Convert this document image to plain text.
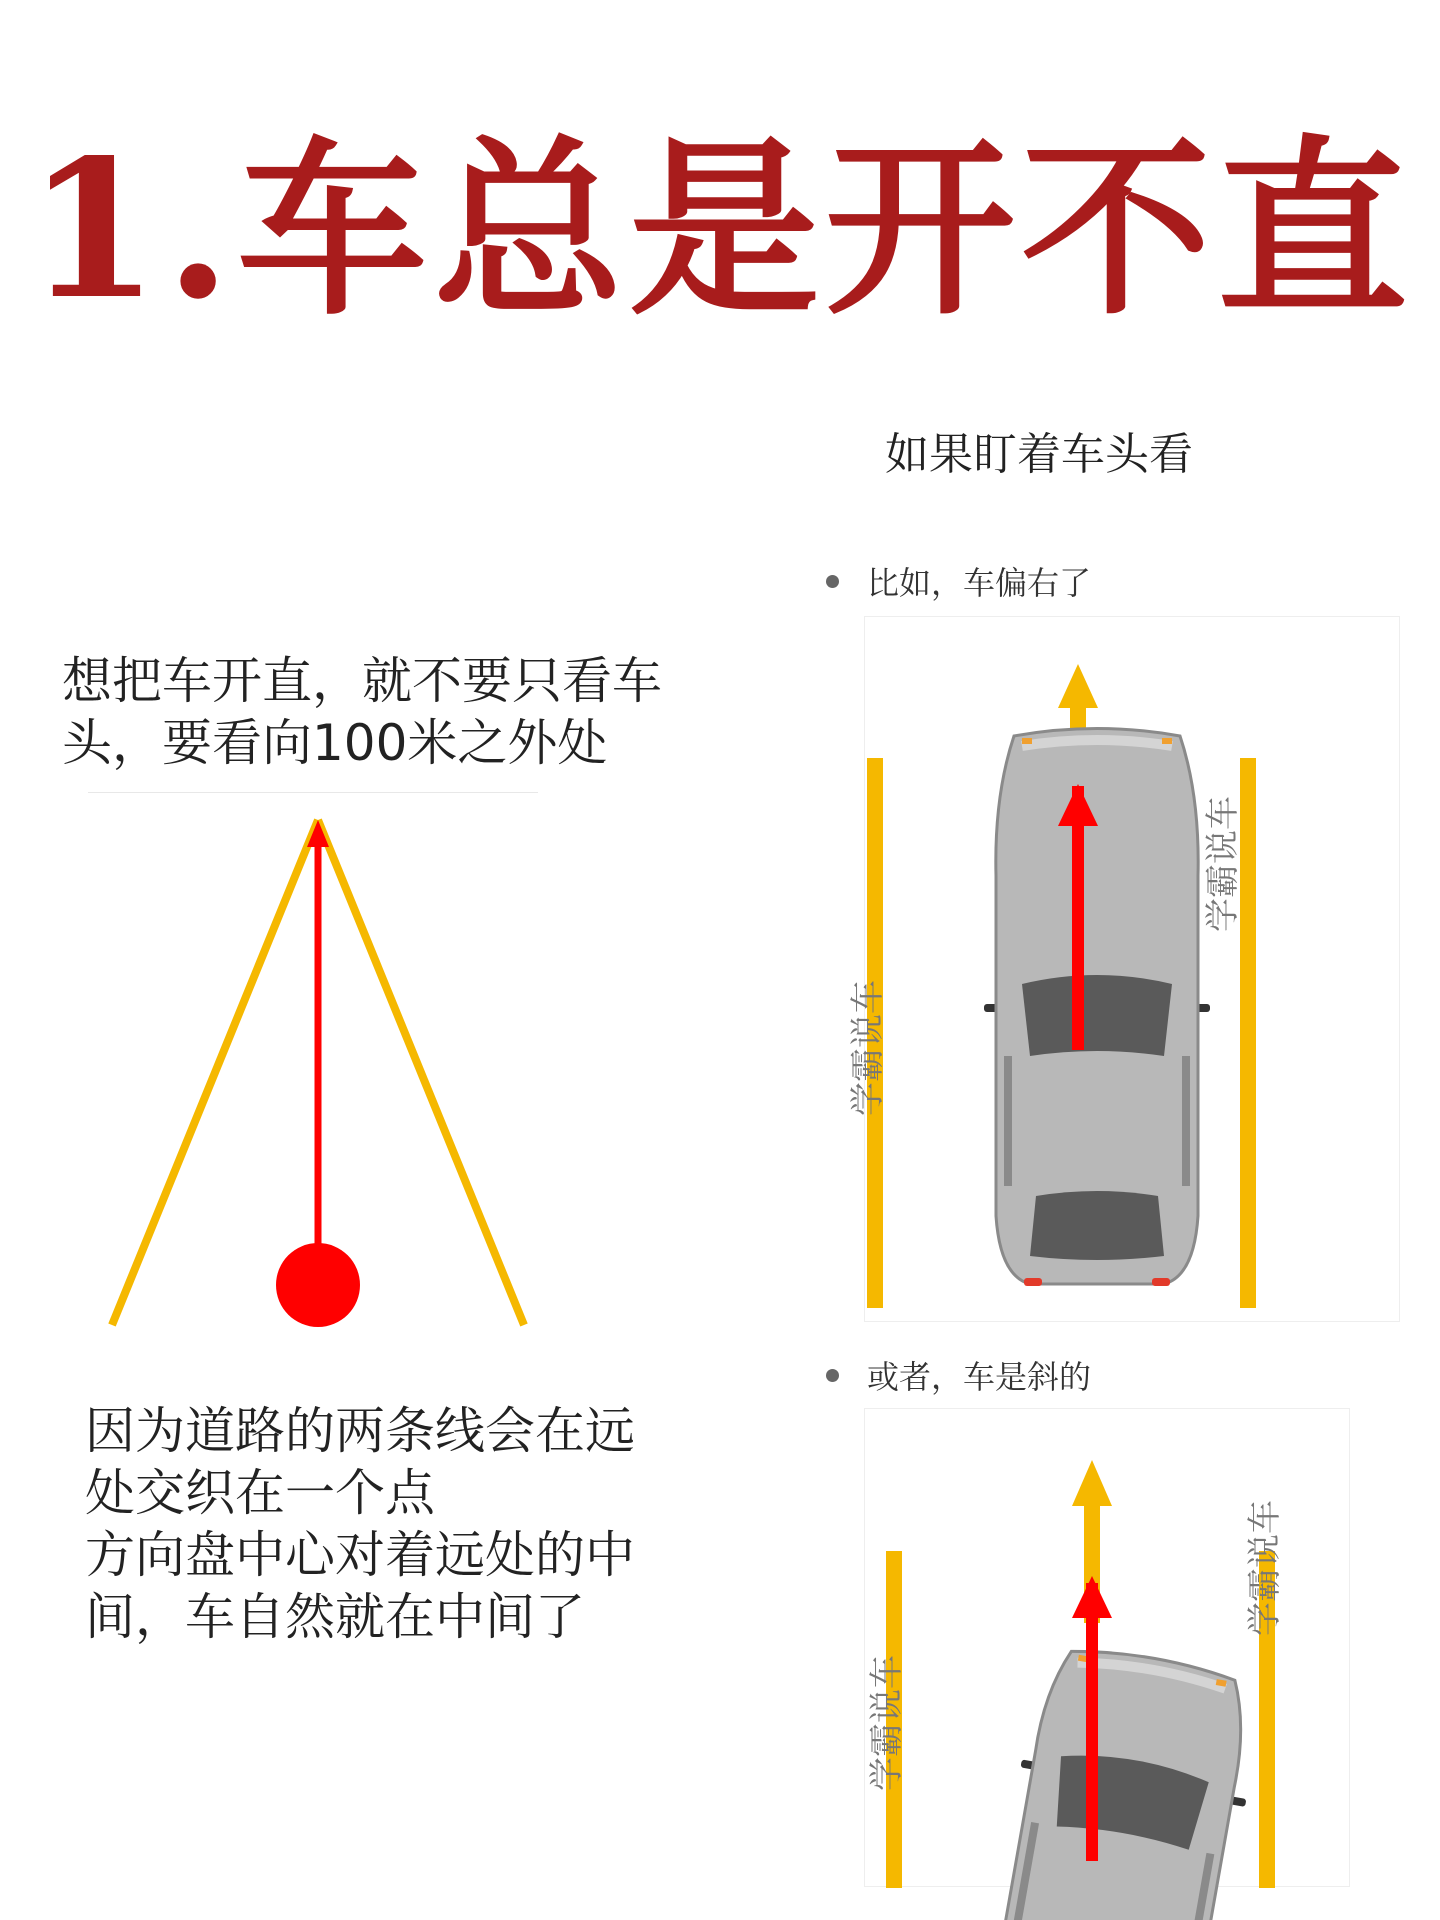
1.车总是开不直
想把车开直，就不要只看车
头，要看向100米之外处
因为道路的两条线会在远
处交织在一个点
方向盘中心对着远处的中
间，车自然就在中间了
如果盯着车头看
比如，车偏右了
学霸说车
学霸说车
或者，车是斜的
学霸说车
学霸说车
